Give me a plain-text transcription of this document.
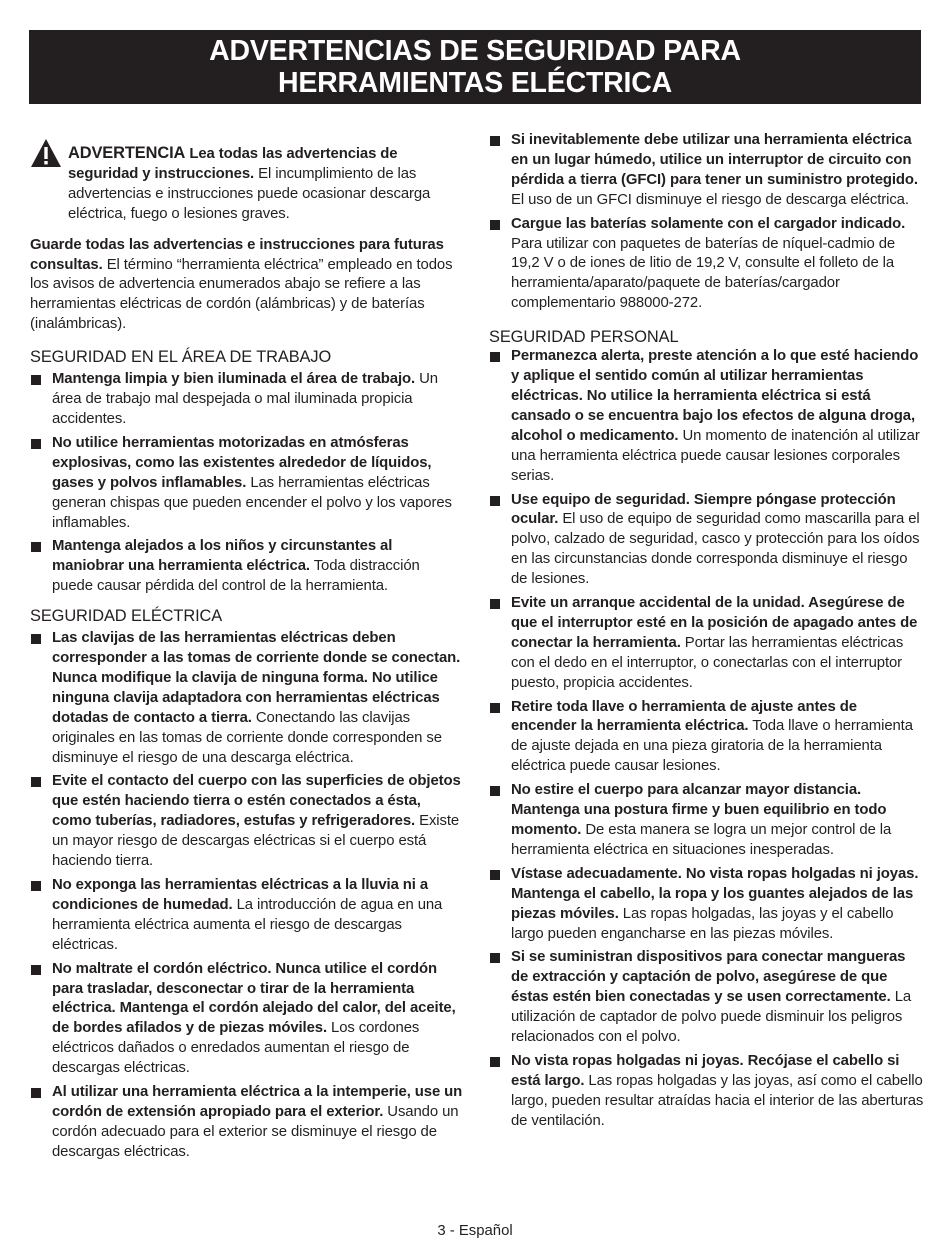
ADVERTENCIAS DE SEGURIDAD PARA
HERRAMIENTAS ELÉCTRICA
ADVERTENCIA Lea todas las advertencias de seguridad y instrucciones. El incumplimiento de las advertencias e instrucciones puede ocasionar descarga eléctrica, fuego o lesiones graves.
Guarde todas las advertencias e instrucciones para futuras consultas. El término “herramienta eléctrica” empleado en todos los avisos de advertencia enumerados abajo se refiere a las herramientas eléctricas de cordón (alámbricas) y de baterías (inalámbricas).
SEGURIDAD EN EL ÁREA DE TRABAJO
Mantenga limpia y bien iluminada el área de trabajo. Un área de trabajo mal despejada o mal iluminada propicia accidentes.
No utilice herramientas motorizadas en atmósferas explosivas, como las existentes alrededor de líquidos, gases y polvos inflamables. Las herramientas eléctricas generan chispas que pueden encender el polvo y los vapores inflamables.
Mantenga alejados a los niños y circunstantes al maniobrar una herramienta eléctrica. Toda distracción puede causar pérdida del control de la herramienta.
SEGURIDAD ELÉCTRICA
Las clavijas de las herramientas eléctricas deben corresponder a las tomas de corriente donde se conectan. Nunca modifique la clavija de ninguna forma. No utilice ninguna clavija adaptadora con herramientas eléctricas dotadas de contacto a tierra. Conectando las clavijas originales en las tomas de corriente donde corresponden se disminuye el riesgo de una descarga eléctrica.
Evite el contacto del cuerpo con las superficies de objetos que estén haciendo tierra o estén conectados a ésta, como tuberías, radiadores, estufas y refrigeradores. Existe un mayor riesgo de descargas eléctricas si el cuerpo está haciendo tierra.
No exponga las herramientas eléctricas a la lluvia ni a condiciones de humedad. La introducción de agua en una herramienta eléctrica aumenta el riesgo de descargas eléctricas.
No maltrate el cordón eléctrico. Nunca utilice el cordón para trasladar, desconectar o tirar de la herramienta eléctrica. Mantenga el cordón alejado del calor, del aceite, de bordes afilados y de piezas móviles. Los cordones eléctricos dañados o enredados aumentan el riesgo de descargas eléctricas.
Al utilizar una herramienta eléctrica a la intemperie, use un cordón de extensión apropiado para el exterior. Usando un cordón adecuado para el exterior se disminuye el riesgo de descargas eléctricas.
Si inevitablemente debe utilizar una herramienta eléctrica en un lugar húmedo, utilice un interruptor de circuito con pérdida a tierra (GFCI) para tener un suministro protegido. El uso de un GFCI disminuye el riesgo de descarga eléctrica.
Cargue las baterías solamente con el cargador indicado. Para utilizar con paquetes de baterías de níquel-cadmio de 19,2 V o de iones de litio de 19,2 V, consulte el folleto de la herramienta/aparato/paquete de baterías/cargador complementario 988000-272.
SEGURIDAD PERSONAL
Permanezca alerta, preste atención a lo que esté haciendo y aplique el sentido común al utilizar herramientas eléctricas. No utilice la herramienta eléctrica si está cansado o se encuentra bajo los efectos de alguna droga, alcohol o medicamento. Un momento de inatención al utilizar una herramienta eléctrica puede causar lesiones corporales serias.
Use equipo de seguridad. Siempre póngase protección ocular. El uso de equipo de seguridad como mascarilla para el polvo, calzado de seguridad, casco y protección para los oídos en las circunstancias donde corresponda disminuye el riesgo de lesiones.
Evite un arranque accidental de la unidad. Asegúrese de que el interruptor esté en la posición de apagado antes de conectar la herramienta. Portar las herramientas eléctricas con el dedo en el interruptor, o conectarlas con el interruptor puesto, propicia accidentes.
Retire toda llave o herramienta de ajuste antes de encender la herramienta eléctrica. Toda llave o herramienta de ajuste dejada en una pieza giratoria de la herramienta eléctrica puede causar lesiones.
No estire el cuerpo para alcanzar mayor distancia. Mantenga una postura firme y buen equilibrio en todo momento. De esta manera se logra un mejor control de la herramienta eléctrica en situaciones inesperadas.
Vístase adecuadamente. No vista ropas holgadas ni joyas. Mantenga el cabello, la ropa y los guantes alejados de las piezas móviles. Las ropas holgadas, las joyas y el cabello largo pueden engancharse en las piezas móviles.
Si se suministran dispositivos para conectar mangueras de extracción y captación de polvo, asegúrese de que éstas estén bien conectadas y se usen correctamente. La utilización de captador de polvo puede disminuir los peligros relacionados con el polvo.
No vista ropas holgadas ni joyas. Recójase el cabello si está largo. Las ropas holgadas y las joyas, así como el cabello largo, pueden resultar atraídas hacia el interior de las aberturas de ventilación.
3 - Español
